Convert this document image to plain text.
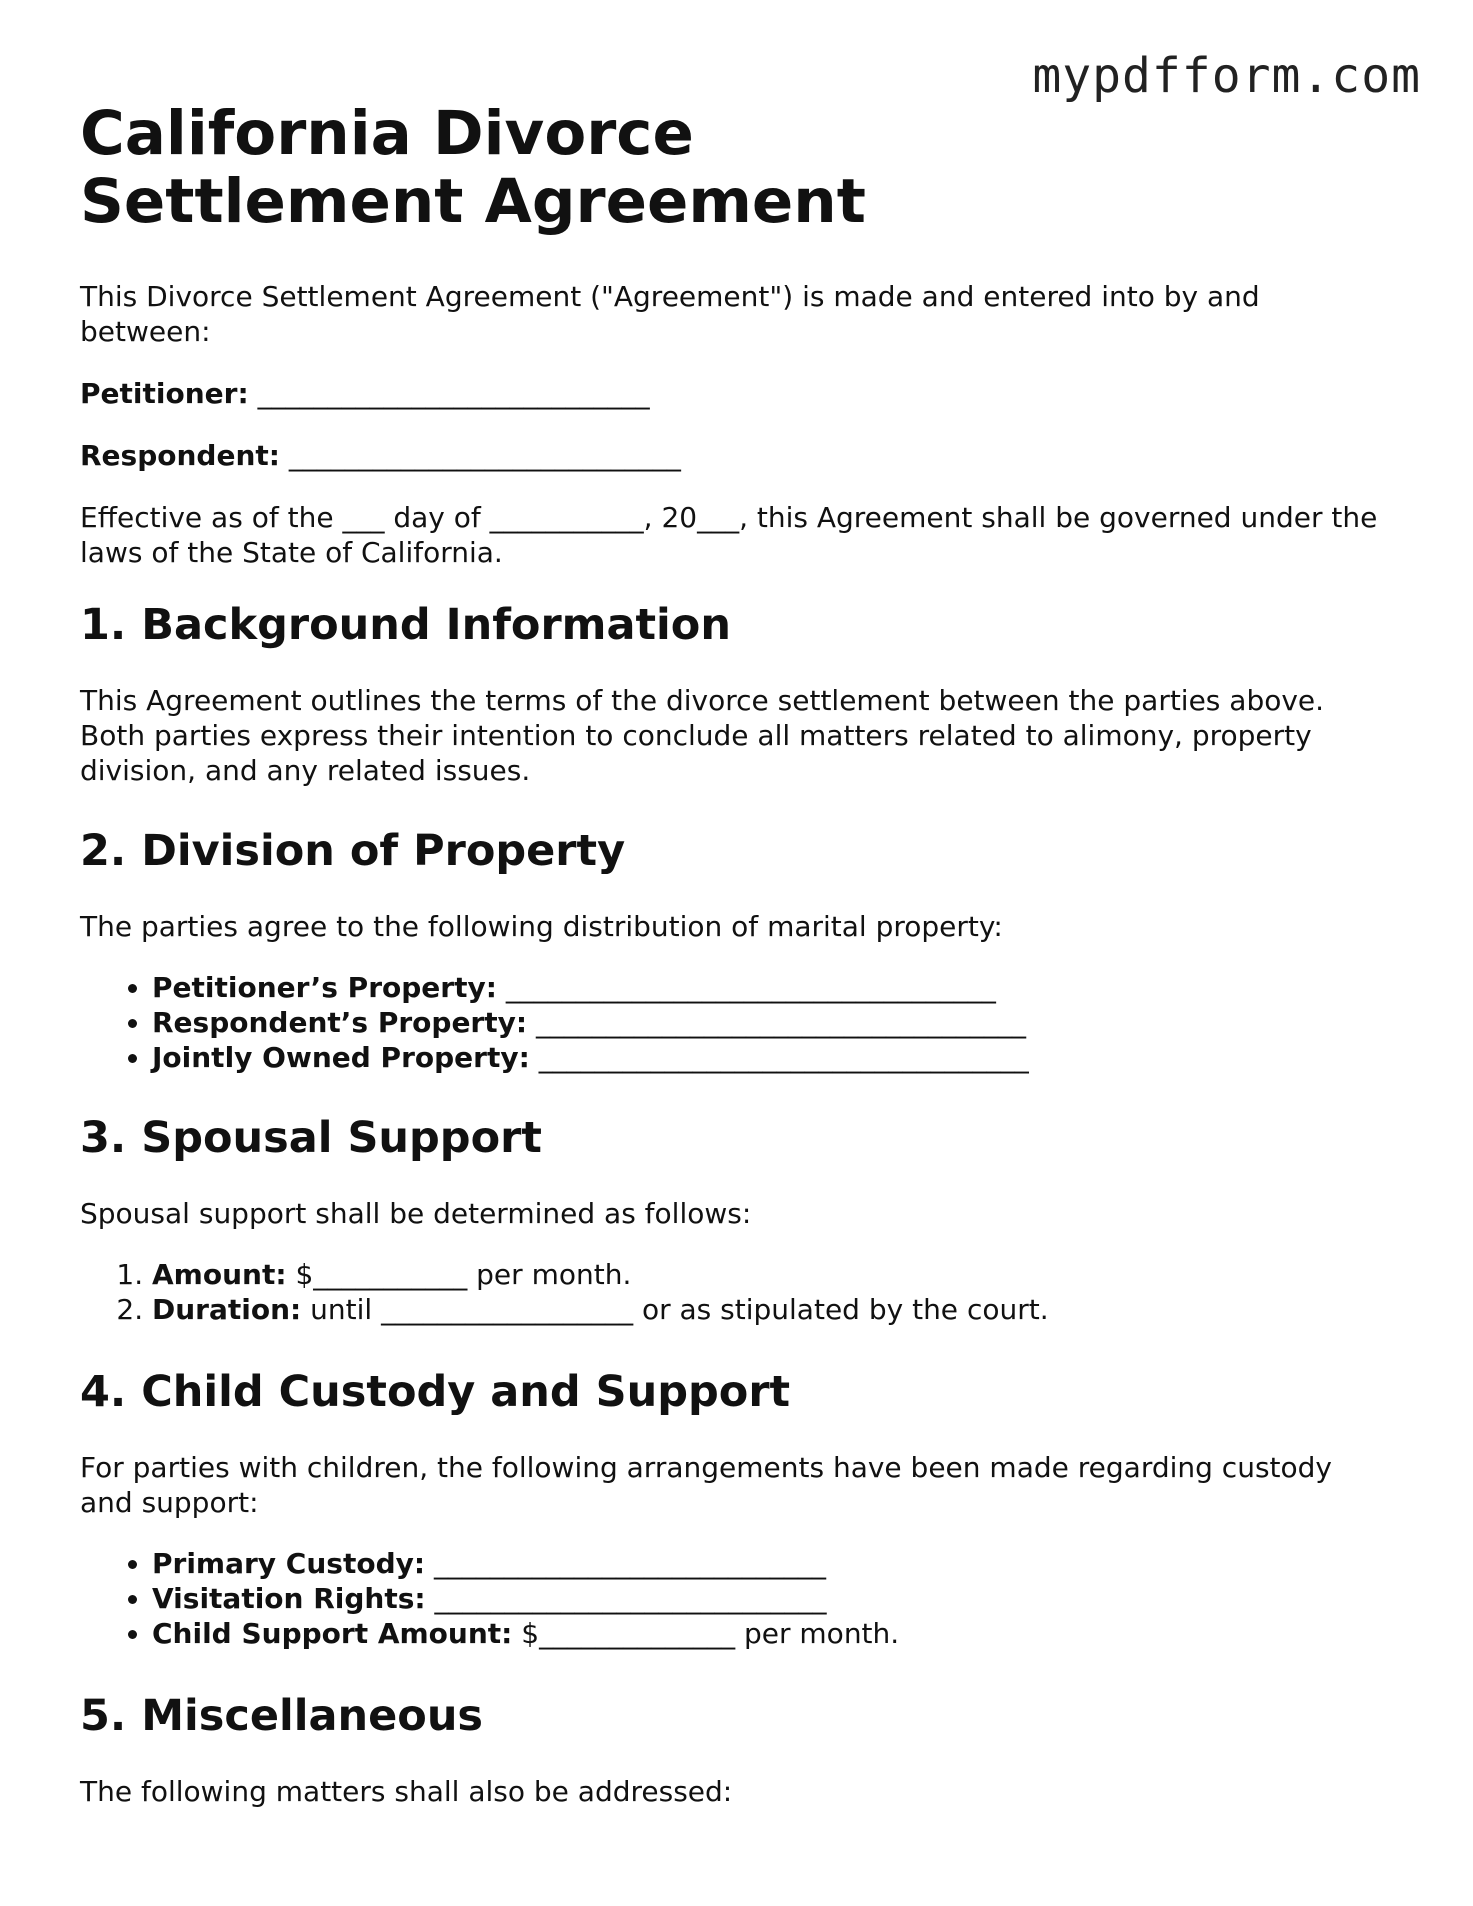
mypdfform.com
California Divorce Settlement Agreement

This Divorce Settlement Agreement ("Agreement") is made and entered into by and between:

Petitioner: ____________________________

Respondent: ____________________________

Effective as of the ___ day of ___________, 20___, this Agreement shall be governed under the laws of the State of California.

1. Background Information

This Agreement outlines the terms of the divorce settlement between the parties above. Both parties express their intention to conclude all matters related to alimony, property division, and any related issues.

2. Division of Property

The parties agree to the following distribution of marital property:

• Petitioner’s Property: ___________________________________
• Respondent’s Property: ___________________________________
• Jointly Owned Property: ___________________________________
3. Spousal Support

Spousal support shall be determined as follows:

1. Amount: $___________ per month.
2. Duration: until __________________ or as stipulated by the court.
4. Child Custody and Support

For parties with children, the following arrangements have been made regarding custody and support:

• Primary Custody: ____________________________
• Visitation Rights: ____________________________
• Child Support Amount: $______________ per month.
5. Miscellaneous

The following matters shall also be addressed:
